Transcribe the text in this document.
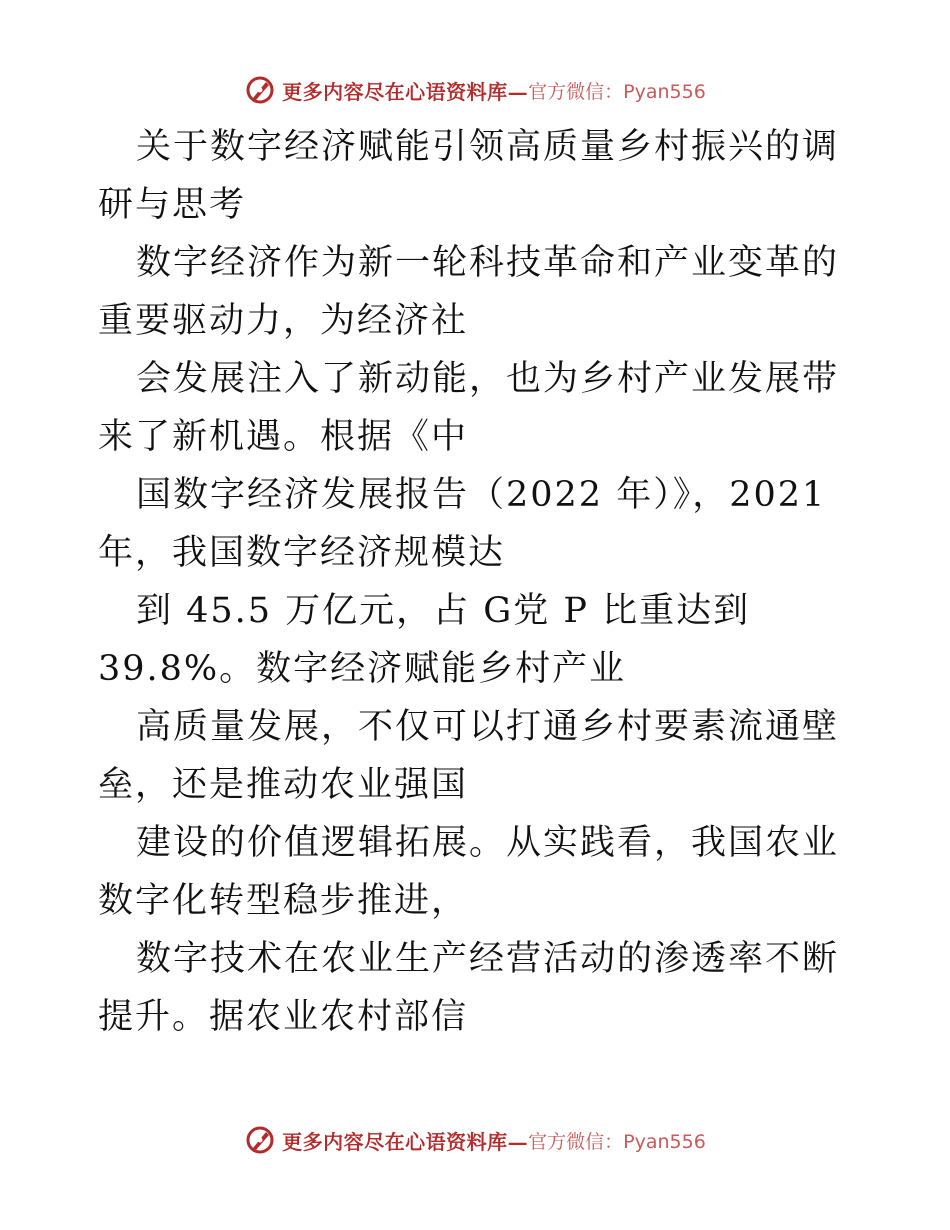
更多内容尽在心语资料库— 官方微信：Pyan556

关于数字经济赋能引领高质量乡村振兴的调研与思考

数字经济作为新一轮科技革命和产业变革的重要驱动力，为经济社

会发展注入了新动能，也为乡村产业发展带来了新机遇。根据《中

国数字经济发展报告（2022 年）》，2021 年，我国数字经济规模达

到 45.5 万亿元，占 G党 P 比重达到 39.8%。数字经济赋能乡村产业

高质量发展，不仅可以打通乡村要素流通壁垒，还是推动农业强国

建设的价值逻辑拓展。从实践看，我国农业数字化转型稳步推进，

数字技术在农业生产经营活动的渗透率不断提升。据农业农村部信

更多内容尽在心语资料库— 官方微信：Pyan556
